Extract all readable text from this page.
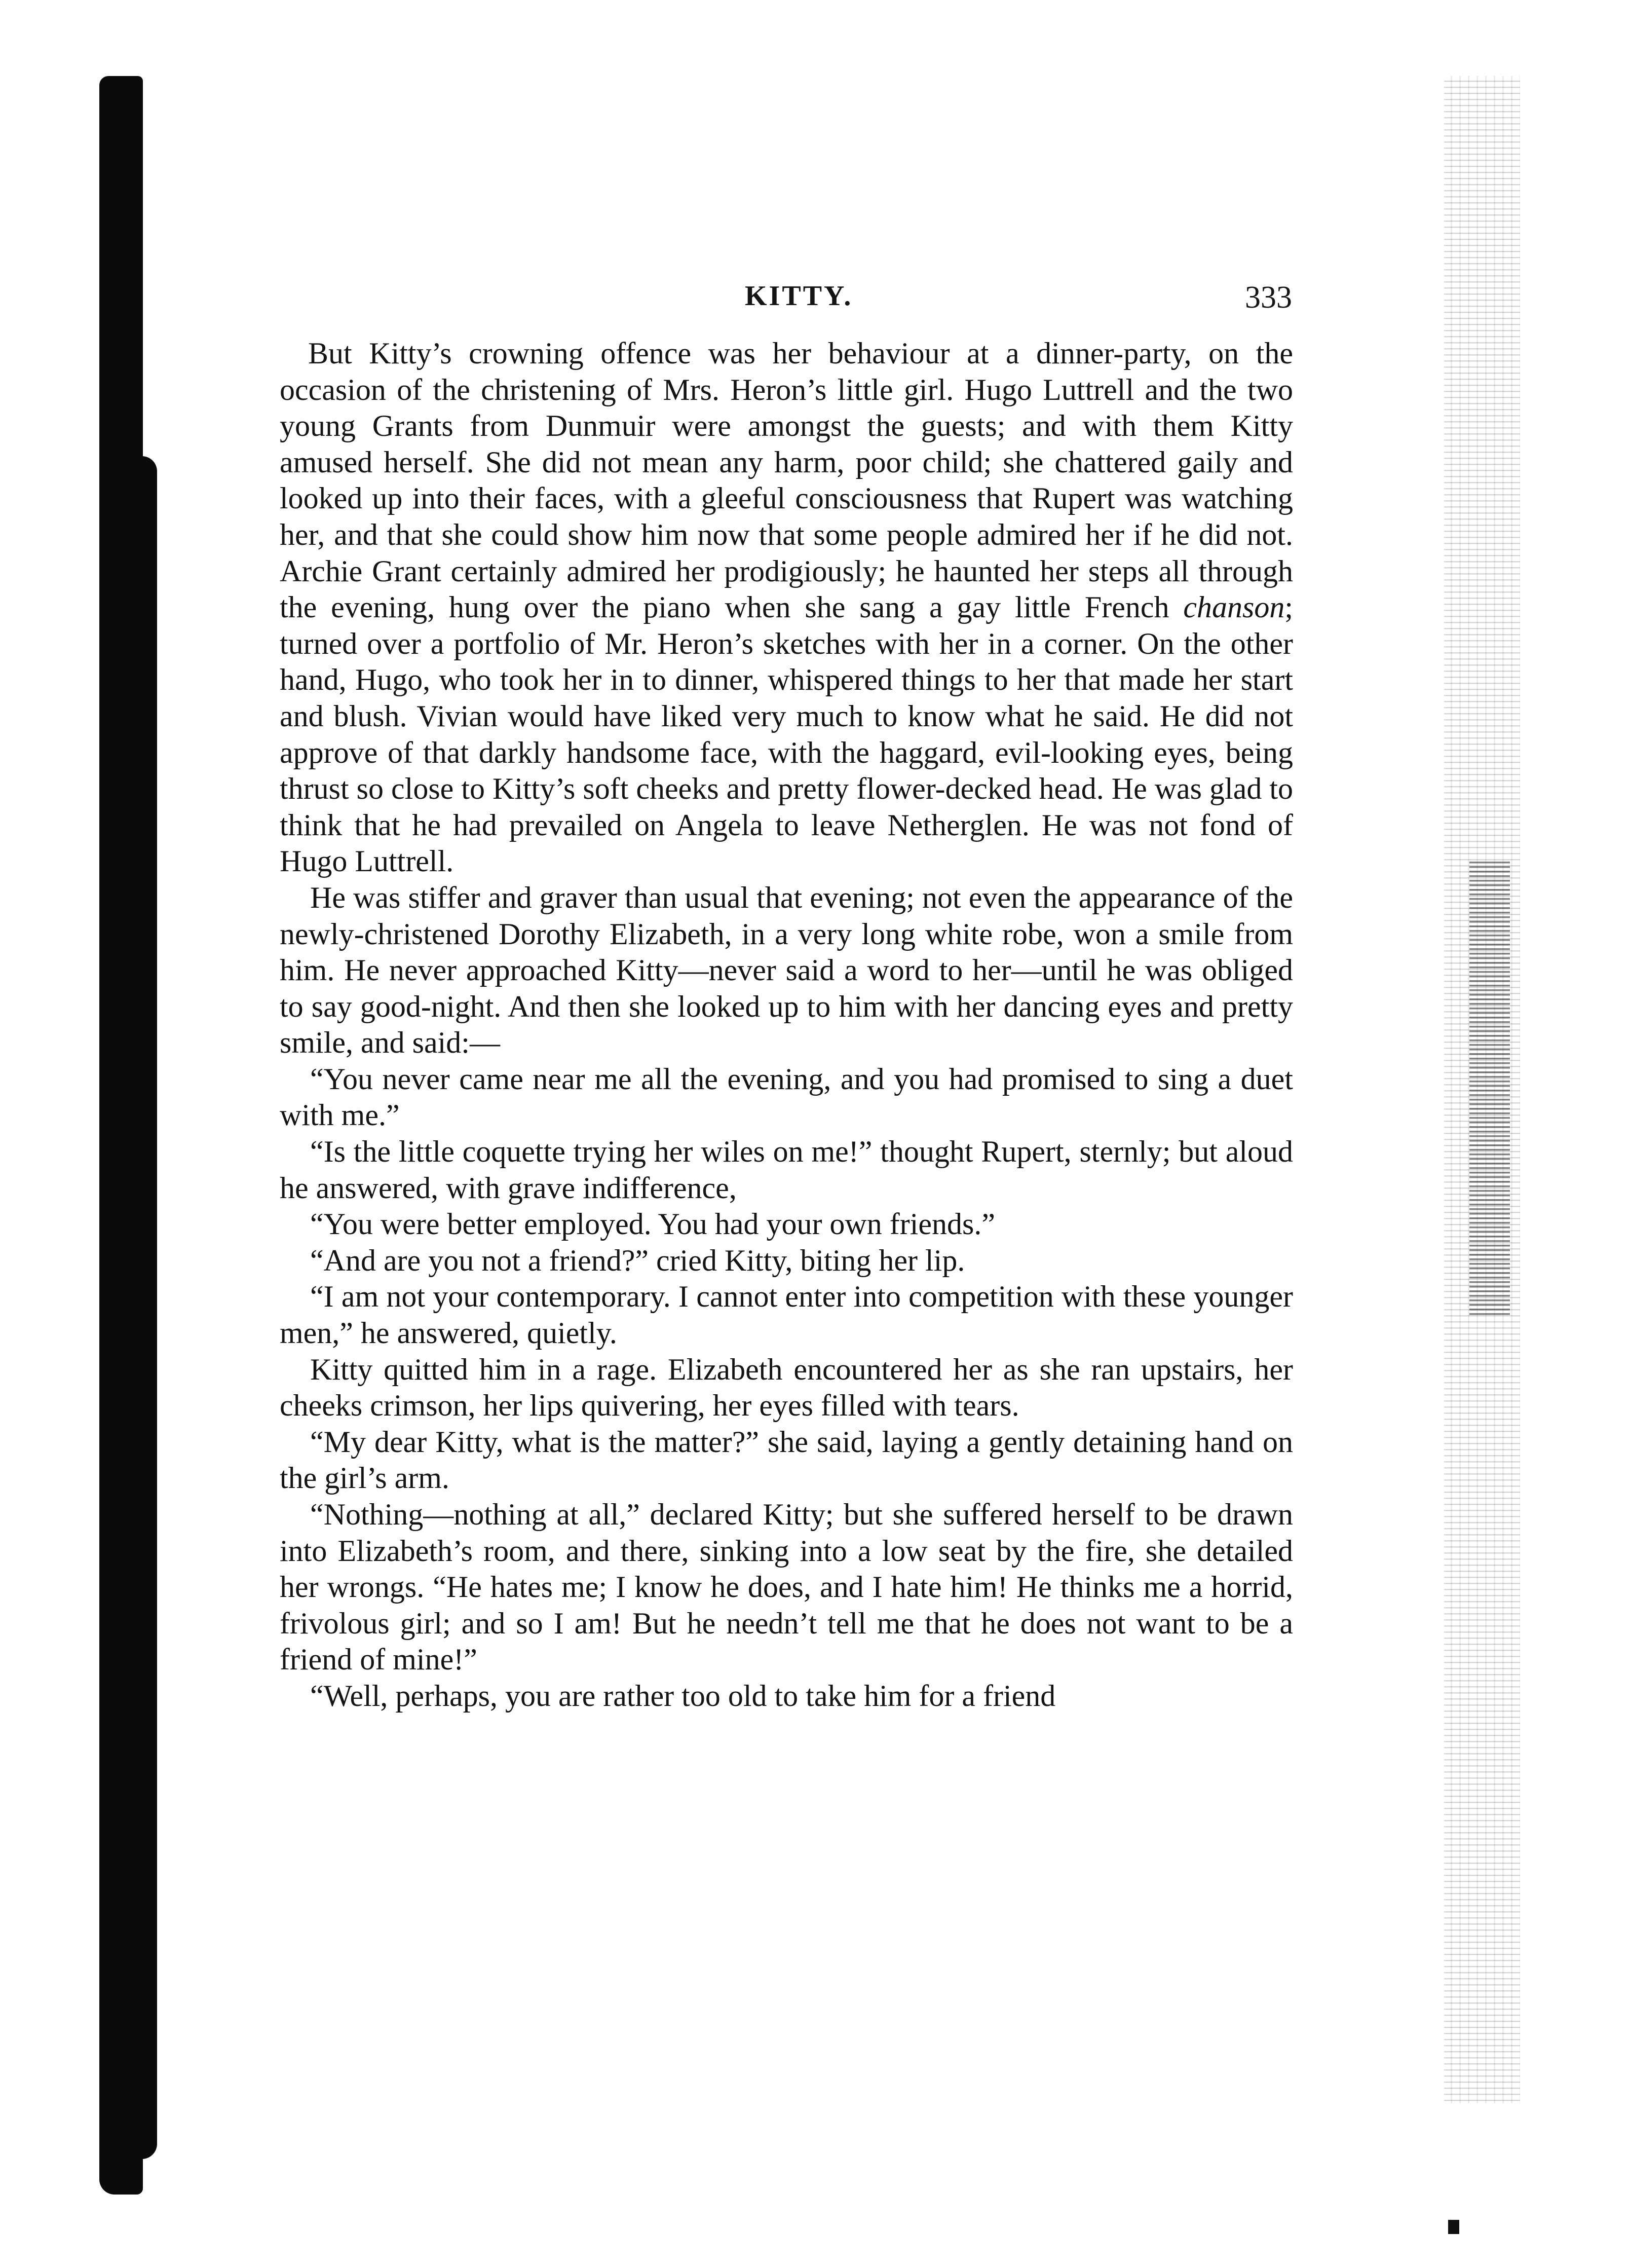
KITTY.	333

But Kitty’s crowning offence was her behaviour at a dinner-party, on the occasion of the christening of Mrs. Heron’s little girl. Hugo Luttrell and the two young Grants from Dunmuir were amongst the guests; and with them Kitty amused herself. She did not mean any harm, poor child; she chattered gaily and looked up into their faces, with a gleeful consciousness that Rupert was watching her, and that she could show him now that some people admired her if he did not. Archie Grant certainly admired her prodigiously; he haunted her steps all through the evening, hung over the piano when she sang a gay little French chanson; turned over a portfolio of Mr. Heron’s sketches with her in a corner. On the other hand, Hugo, who took her in to dinner, whispered things to her that made her start and blush. Vivian would have liked very much to know what he said. He did not approve of that darkly handsome face, with the haggard, evil-looking eyes, being thrust so close to Kitty’s soft cheeks and pretty flower-decked head. He was glad to think that he had prevailed on Angela to leave Netherglen. He was not fond of Hugo Luttrell.

He was stiffer and graver than usual that evening; not even the appearance of the newly-christened Dorothy Elizabeth, in a very long white robe, won a smile from him. He never approached Kitty—never said a word to her—until he was obliged to say good-night. And then she looked up to him with her dancing eyes and pretty smile, and said:—

“You never came near me all the evening, and you had promised to sing a duet with me.”

“Is the little coquette trying her wiles on me!” thought Rupert, sternly; but aloud he answered, with grave indifference,

“You were better employed. You had your own friends.”

“And are you not a friend?” cried Kitty, biting her lip.

“I am not your contemporary. I cannot enter into competition with these younger men,” he answered, quietly.

Kitty quitted him in a rage. Elizabeth encountered her as she ran upstairs, her cheeks crimson, her lips quivering, her eyes filled with tears.

“My dear Kitty, what is the matter?” she said, laying a gently detaining hand on the girl’s arm.

“Nothing—nothing at all,” declared Kitty; but she suffered herself to be drawn into Elizabeth’s room, and there, sinking into a low seat by the fire, she detailed her wrongs. “He hates me; I know he does, and I hate him! He thinks me a horrid, frivolous girl; and so I am! But he needn’t tell me that he does not want to be a friend of mine!”

“Well, perhaps, you are rather too old to take him for a friend
